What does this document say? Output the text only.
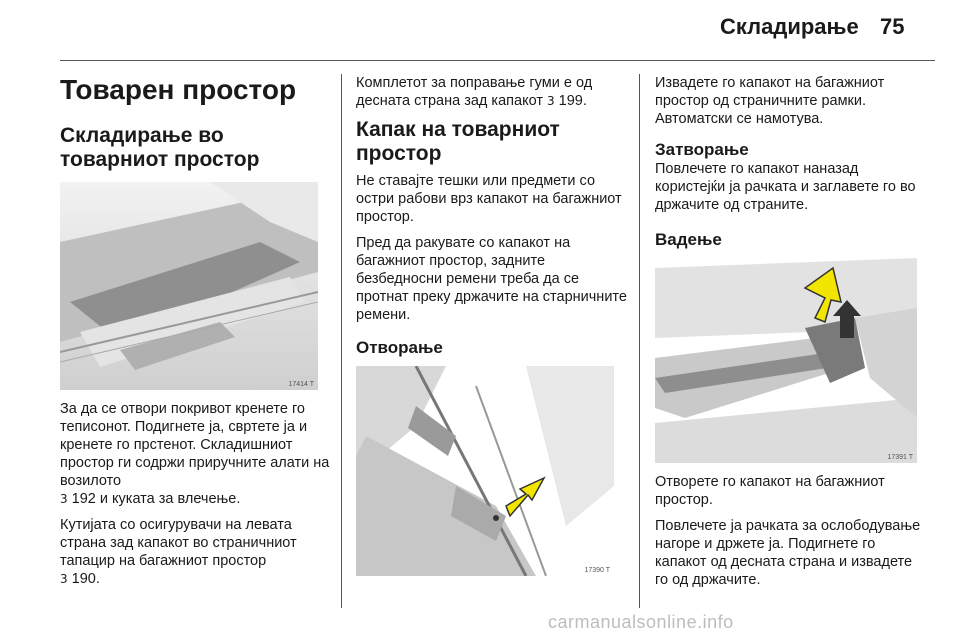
Складирање 75
Товарен простор
Складирање во товарниот простор
17414 T

За да се отвори покривот кренете го теписонот. Подигнете ја, свртете ја и кренете го прстенот. Складишниот простор ги содржи приручните алати на возилото
3 192 и куката за влечење.

Кутијата со осигурувачи на левата страна зад капакот во страничниот тапацир на багажниот простор
3 190.

Комплетот за поправање гуми е од десната страна зад капакот 3 199.

Капак на товарниот простор

Не ставајте тешки или предмети со остри рабови врз капакот на багажниот простор.

Пред да ракувате со капакот на багажниот простор, задните безбедносни ремени треба да се протнат преку држачите на старничните ремени.

Отворање
17390 T

Извадете го капакот на багажниот простор од страничните рамки. Автоматски се намотува.

Затворање

Повлечете го капакот наназад користејќи ја рачката и заглавете го во држачите од страните.

Вадење
17391 T

Отворете го капакот на багажниот простор.

Повлечете ја рачката за ослободување нагоре и држете ја. Подигнете го капакот од десната страна и извадете го од држачите.

carmanualsonline.info
